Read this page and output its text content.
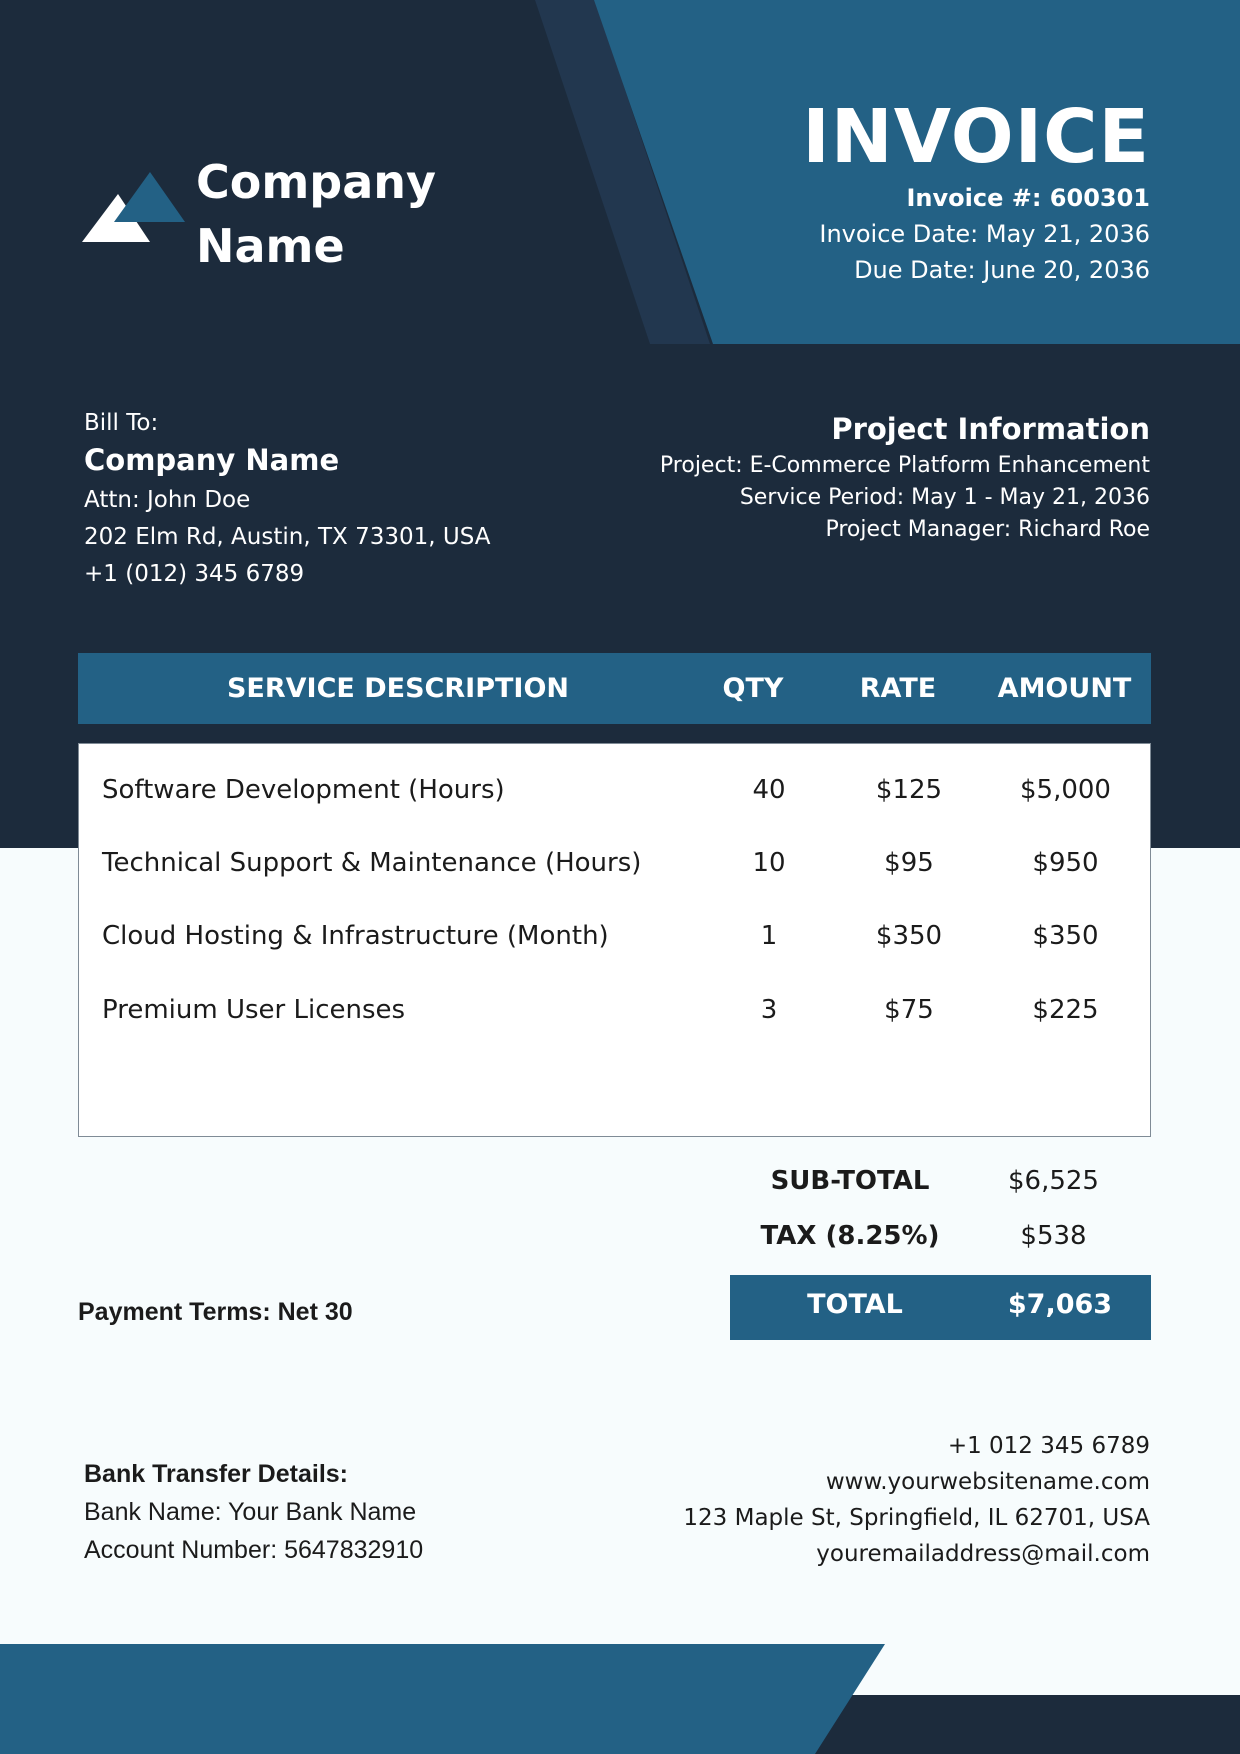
Company
Name
INVOICE
Invoice #: 600301
Invoice Date: May 21, 2036
Due Date: June 20, 2036
Bill To:
Company Name
Attn: John Doe
202 Elm Rd, Austin, TX 73301, USA
+1 (012) 345 6789
Project Information
Project: E-Commerce Platform Enhancement
Service Period: May 1 - May 21, 2036
Project Manager: Richard Roe
SERVICE DESCRIPTION	QTY	RATE	AMOUNT
Software Development (Hours)	40	$125	$5,000
Technical Support & Maintenance (Hours)	10	$95	$950
Cloud Hosting & Infrastructure (Month)	1	$350	$350
Premium User Licenses	3	$75	$225
SUB-TOTAL	$6,525
TAX (8.25%)	$538
TOTAL	$7,063
Payment Terms: Net 30
Bank Transfer Details:
Bank Name: Your Bank Name
Account Number: 5647832910
+1 012 345 6789
www.yourwebsitename.com
123 Maple St, Springfield, IL 62701, USA
youremailaddress@mail.com
